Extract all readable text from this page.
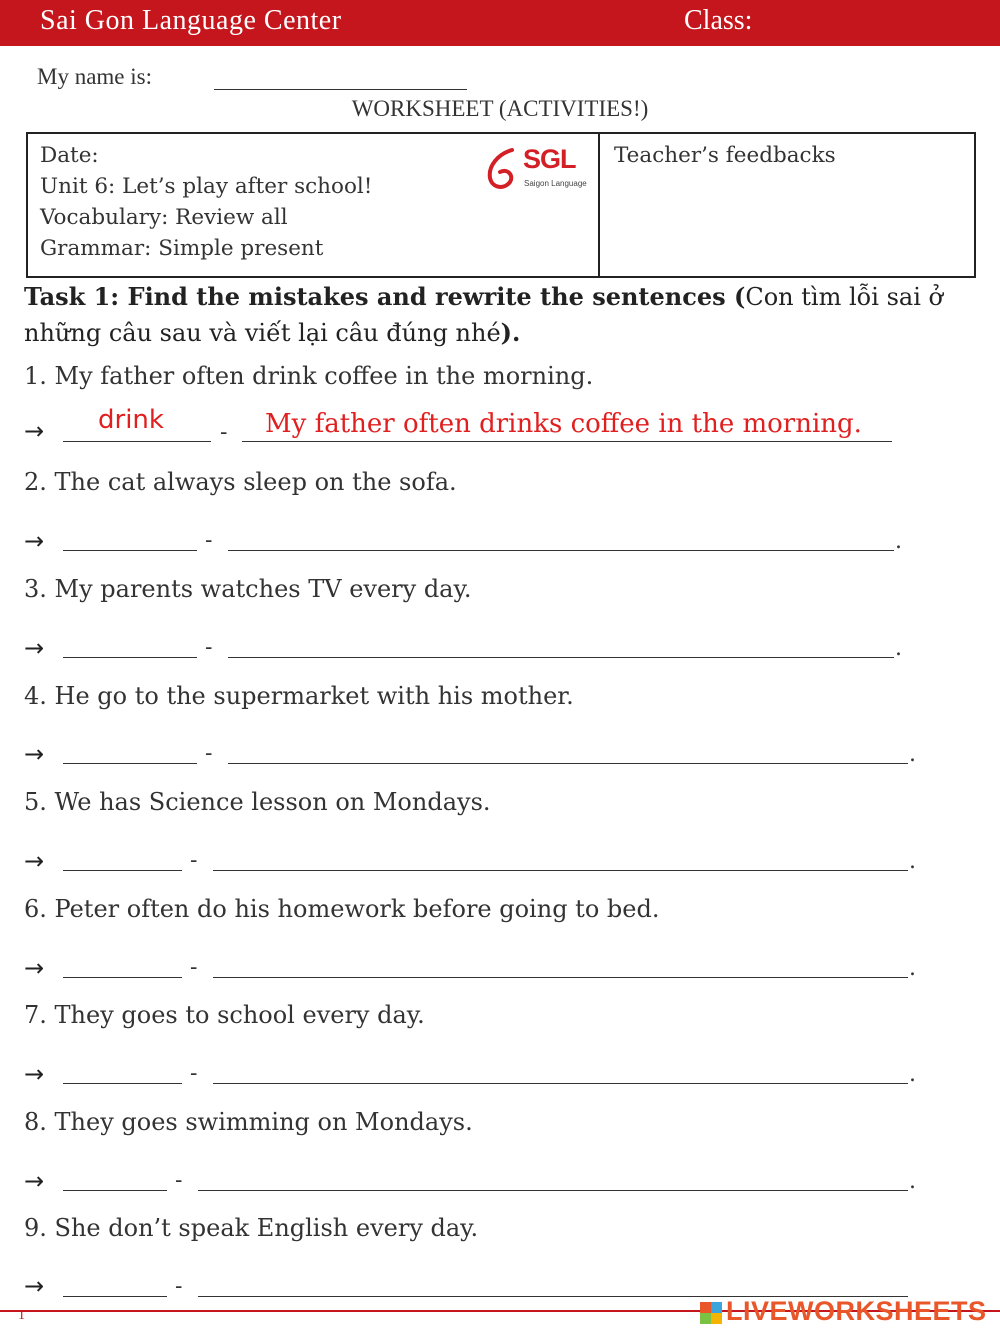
Sai Gon Language Center	Class:
My name is:
WORKSHEET (ACTIVITIES!)
Date:
Unit 6: Let’s play after school!
Vocabulary: Review all
Grammar: Simple present
SGL
Saigon Language
Teacher’s feedbacks
Task 1: Find the mistakes and rewrite the sentences (Con tìm lỗi sai ở những câu sau và viết lại câu đúng nhé).
1. My father often drink coffee in the morning.
→	-
drink	My father often drinks coffee in the morning.
2. The cat always sleep on the sofa.
→	-	.
3. My parents watches TV every day.
→	-	.
4. He go to the supermarket with his mother.
→	-	.
5. We has Science lesson on Mondays.
→	-	.
6. Peter often do his homework before going to bed.
→	-	.
7. They goes to school every day.
→	-	.
8. They goes swimming on Mondays.
→	-	.
9. She don’t speak English every day.
→	-
1	LIVEWORKSHEETS
